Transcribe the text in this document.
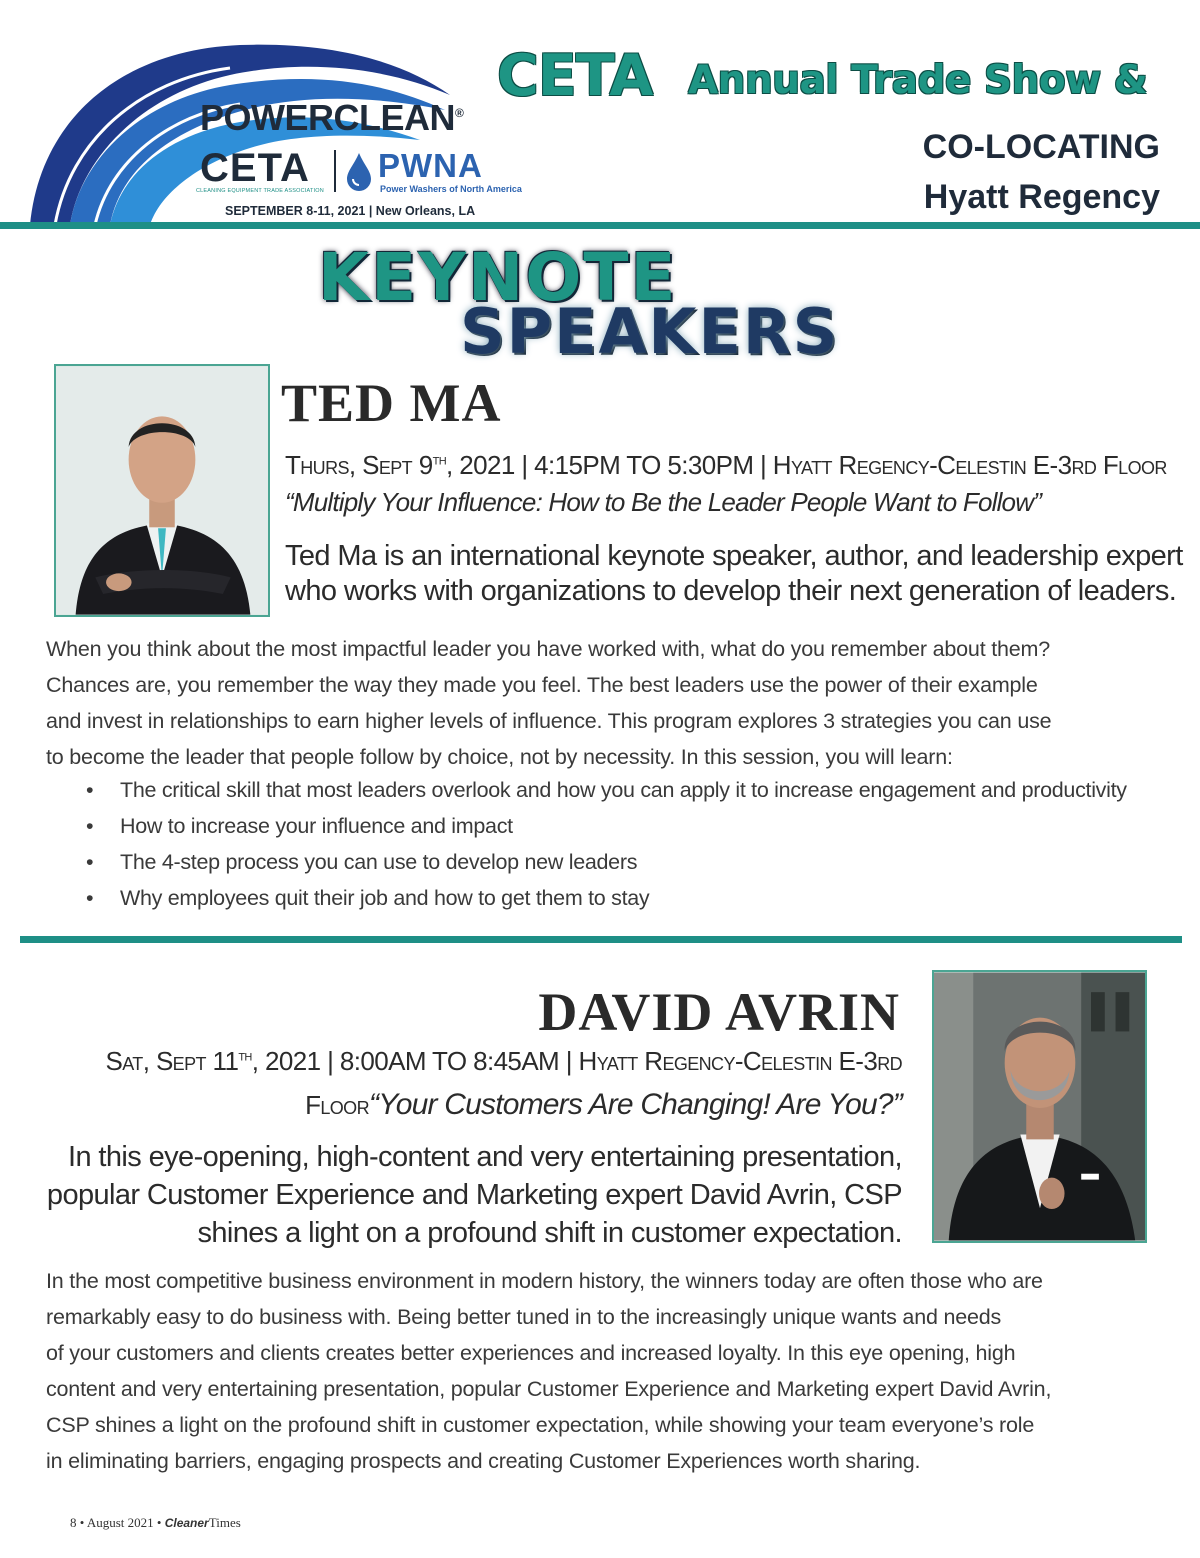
POWERCLEAN®
CETA
CLEANING EQUIPMENT TRADE ASSOCIATION
PWNA
Power Washers of North America
SEPTEMBER 8-11, 2021 | New Orleans, LA
CETA Annual Trade Show &
CO-LOCATING
Hyatt Regency
KEYNOTE
SPEAKERS
TED MA
Thurs, Sept 9TH, 2021 | 4:15PM TO 5:30PM | Hyatt Regency-Celestin E-3rd Floor
“Multiply Your Influence: How to Be the Leader People Want to Follow”
Ted Ma is an international keynote speaker, author, and leadership expert
who works with organizations to develop their next generation of leaders.
When you think about the most impactful leader you have worked with, what do you remember about them?
Chances are, you remember the way they made you feel. The best leaders use the power of their example
and invest in relationships to earn higher levels of influence. This program explores 3 strategies you can use
to become the leader that people follow by choice, not by necessity. In this session, you will learn:
• The critical skill that most leaders overlook and how you can apply it to increase engagement and productivity
• How to increase your influence and impact
• The 4-step process you can use to develop new leaders
• Why employees quit their job and how to get them to stay
DAVID AVRIN
Sat, Sept 11TH, 2021 | 8:00AM TO 8:45AM | Hyatt Regency-Celestin E-3rd
Floor“Your Customers Are Changing! Are You?”
In this eye-opening, high-content and very entertaining presentation,
popular Customer Experience and Marketing expert David Avrin, CSP
shines a light on a profound shift in customer expectation.
In the most competitive business environment in modern history, the winners today are often those who are
remarkably easy to do business with. Being better tuned in to the increasingly unique wants and needs
of your customers and clients creates better experiences and increased loyalty. In this eye opening, high
content and very entertaining presentation, popular Customer Experience and Marketing expert David Avrin,
CSP shines a light on the profound shift in customer expectation, while showing your team everyone’s role
in eliminating barriers, engaging prospects and creating Customer Experiences worth sharing.
8 • August 2021 • CleanerTimes
